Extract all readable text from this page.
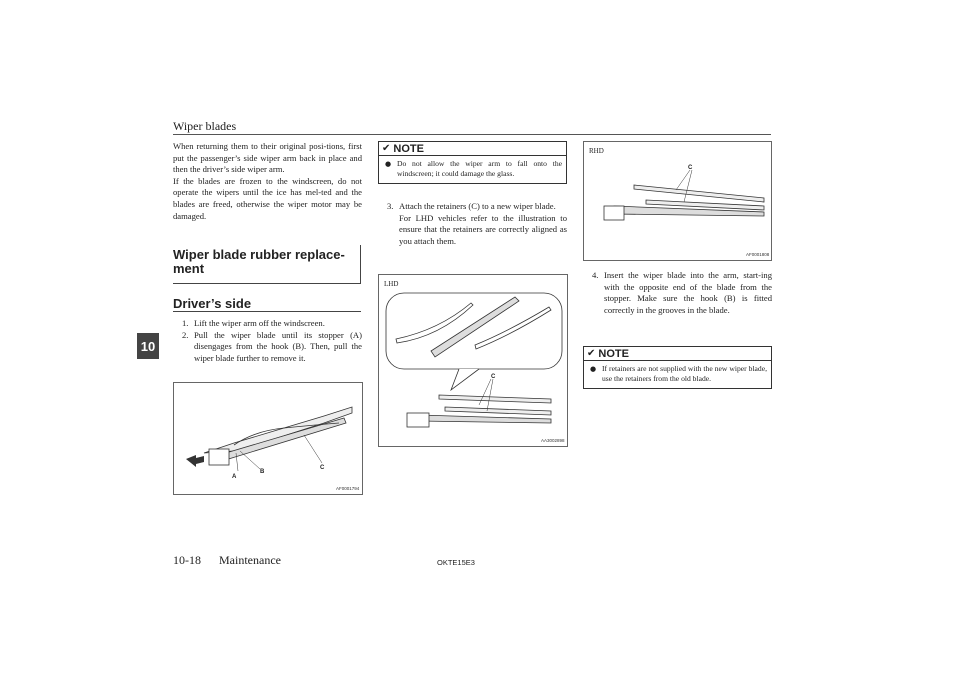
Wiper blades
10
When returning them to their original posi-tions, first put the passenger’s side wiper arm back in place and then the driver’s side wiper arm.
If the blades are frozen to the windscreen, do not operate the wipers until the ice has mel-ted and the blades are freed, otherwise the wiper motor may be damaged.
Wiper blade rubber replace-
ment
Driver’s side
1. Lift the wiper arm off the windscreen.
2. Pull the wiper blade until its stopper (A) disengages from the hook (B). Then, pull the wiper blade further to remove it.
A
B
C
AF0001794
✔ NOTE
● Do not allow the wiper arm to fall onto the windscreen; it could damage the glass.
3. Attach the retainers (C) to a new wiper blade.
For LHD vehicles refer to the illustration to ensure that the retainers are correctly aligned as you attach them.
LHD
C
AA3002898
RHD
C
AF0001808
4. Insert the wiper blade into the arm, start-ing with the opposite end of the blade from the stopper. Make sure the hook (B) is fitted correctly in the grooves in the blade.
✔ NOTE
● If retainers are not supplied with the new wiper blade, use the retainers from the old blade.
10-18 Maintenance	OKTE15E3
